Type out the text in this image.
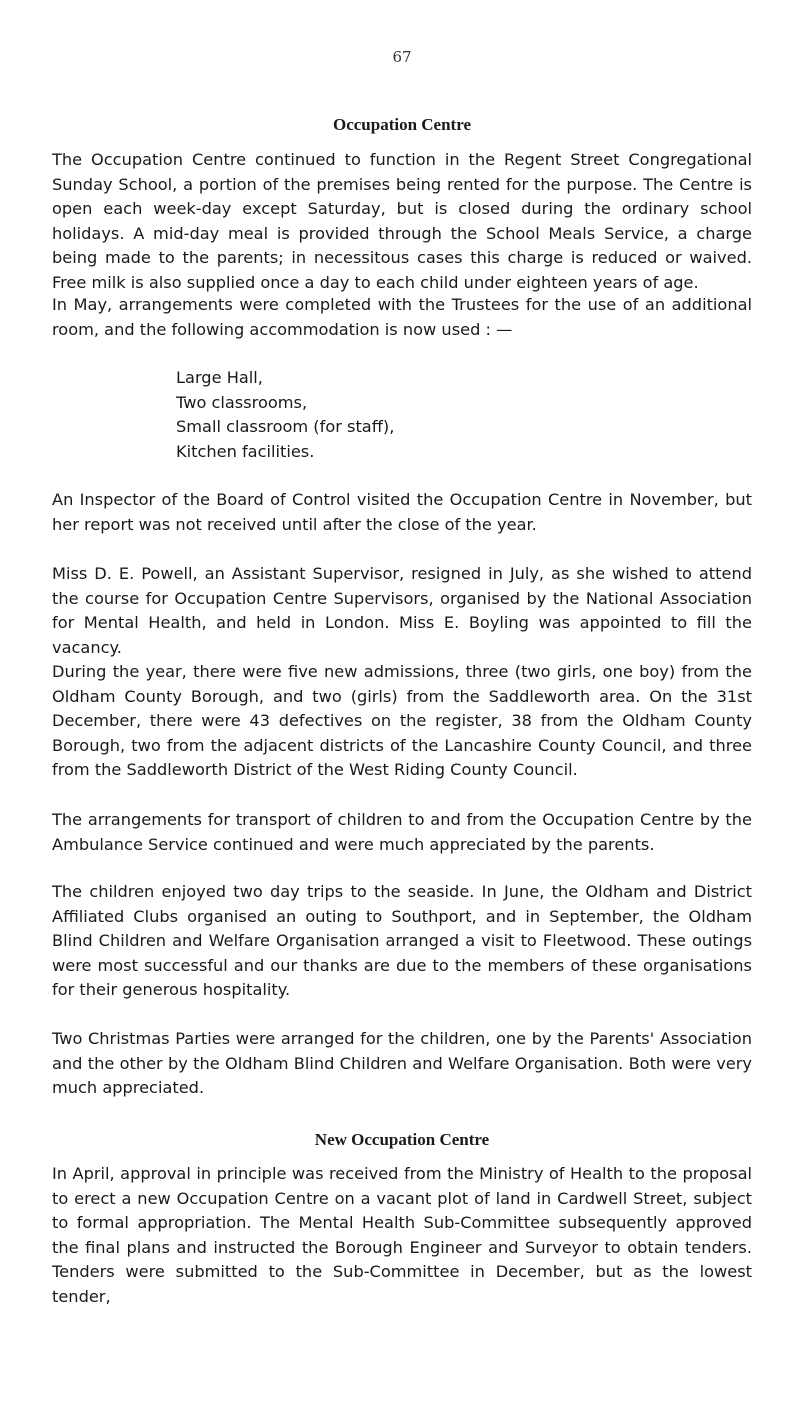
67
Occupation Centre

The Occupation Centre continued to function in the Regent Street Congregational Sunday School, a portion of the premises being rented for the purpose. The Centre is open each week-day except Saturday, but is closed during the ordinary school holidays. A mid-day meal is provided through the School Meals Service, a charge being made to the parents; in necessitous cases this charge is reduced or waived. Free milk is also supplied once a day to each child under eighteen years of age.

In May, arrangements were completed with the Trustees for the use of an additional room, and the following accommodation is now used : —

Large Hall,
Two classrooms,
Small classroom (for staff),
Kitchen facilities.

An Inspector of the Board of Control visited the Occupation Centre in November, but her report was not received until after the close of the year.

Miss D. E. Powell, an Assistant Supervisor, resigned in July, as she wished to attend the course for Occupation Centre Supervisors, organised by the National Association for Mental Health, and held in London. Miss E. Boyling was appointed to fill the vacancy.

During the year, there were five new admissions, three (two girls, one boy) from the Oldham County Borough, and two (girls) from the Saddleworth area. On the 31st December, there were 43 defectives on the register, 38 from the Oldham County Borough, two from the adjacent districts of the Lancashire County Council, and three from the Saddleworth District of the West Riding County Council.

The arrangements for transport of children to and from the Occupation Centre by the Ambulance Service continued and were much appreciated by the parents.

The children enjoyed two day trips to the seaside. In June, the Oldham and District Affiliated Clubs organised an outing to Southport, and in September, the Oldham Blind Children and Welfare Organisation arranged a visit to Fleetwood. These outings were most successful and our thanks are due to the members of these organisations for their generous hospitality.

Two Christmas Parties were arranged for the children, one by the Parents' Association and the other by the Oldham Blind Children and Welfare Organisation. Both were very much appreciated.

New Occupation Centre

In April, approval in principle was received from the Ministry of Health to the proposal to erect a new Occupation Centre on a vacant plot of land in Cardwell Street, subject to formal appropriation. The Mental Health Sub-Committee subsequently approved the final plans and instructed the Borough Engineer and Surveyor to obtain tenders. Tenders were submitted to the Sub-Committee in December, but as the lowest tender,
